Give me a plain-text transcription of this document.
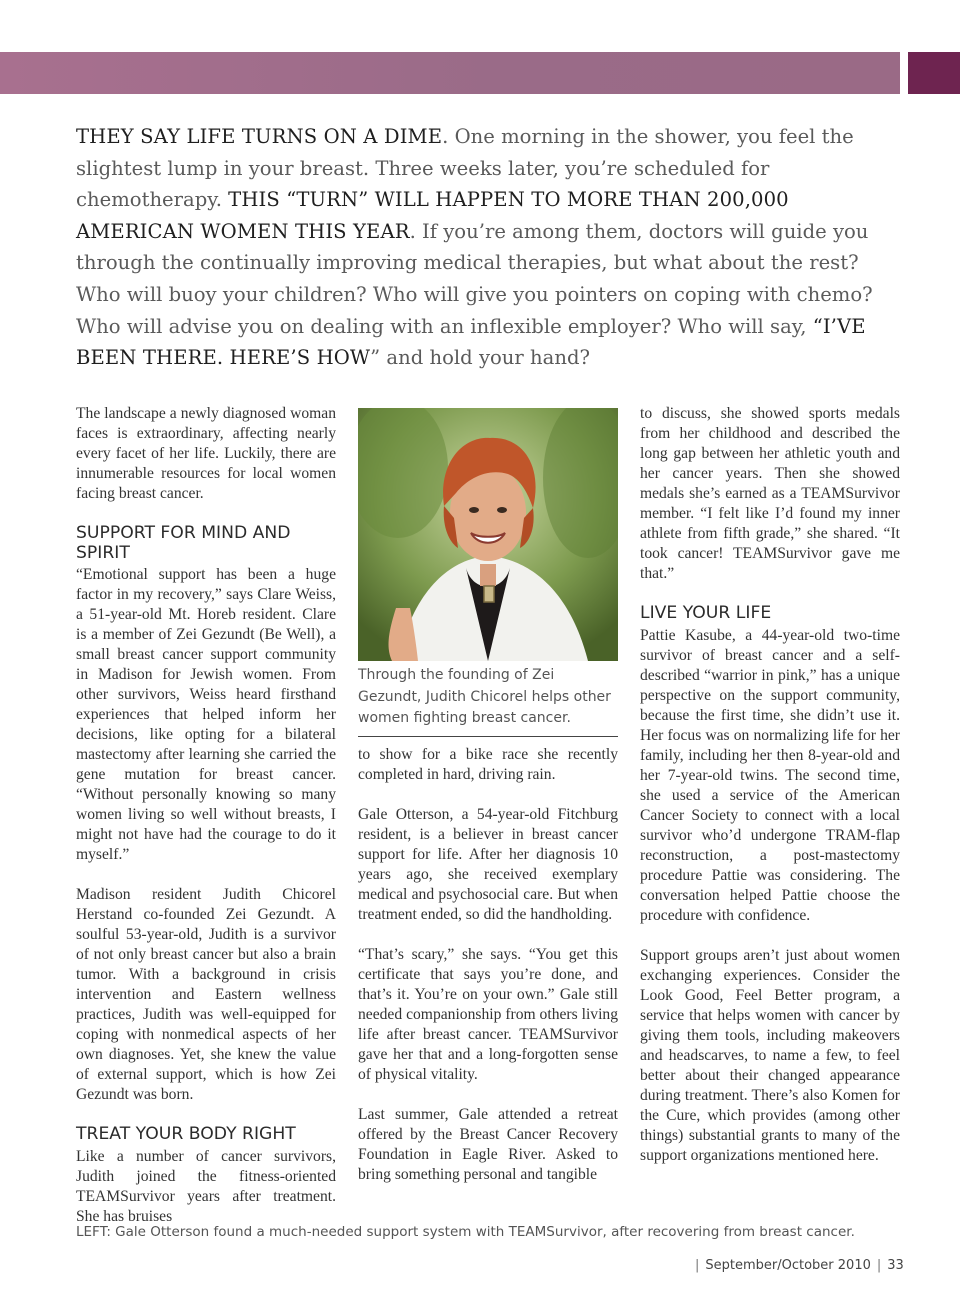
THEY SAY LIFE TURNS ON A DIME. One morning in the shower, you feel the slightest lump in your breast. Three weeks later, you’re scheduled for chemotherapy. THIS “TURN” WILL HAPPEN TO MORE THAN 200,000 AMERICAN WOMEN THIS YEAR. If you’re among them, doctors will guide you through the continually improving medical therapies, but what about the rest? Who will buoy your children? Who will give you pointers on coping with chemo? Who will advise you on dealing with an inflexible employer? Who will say, “I’VE BEEN THERE. HERE’S HOW” and hold your hand?

The landscape a newly diagnosed woman faces is extraordinary, affecting nearly every facet of her life. Luckily, there are innumerable resources for local women facing breast cancer.

SUPPORT FOR MIND AND SPIRIT

“Emotional support has been a huge factor in my recovery,” says Clare Weiss, a 51-year-old Mt. Horeb resident. Clare is a member of Zei Gezundt (Be Well), a small breast cancer support community in Madison for Jewish women. From other survivors, Weiss heard firsthand experiences that helped inform her decisions, like opting for a bilateral mastectomy after learning she carried the gene mutation for breast cancer. “Without personally knowing so many women living so well without breasts, I might not have had the courage to do it myself.”

Madison resident Judith Chicorel Herstand co-founded Zei Gezundt. A soulful 53-year-old, Judith is a survivor of not only breast cancer but also a brain tumor. With a background in crisis intervention and Eastern wellness practices, Judith was well-equipped for coping with nonmedical aspects of her own diagnoses. Yet, she knew the value of external support, which is how Zei Gezundt was born.

TREAT YOUR BODY RIGHT

Like a number of cancer survivors, Judith joined the fitness-oriented TEAMSurvivor years after treatment. She has bruises

Through the founding of Zei Gezundt, Judith Chicorel helps other women fighting breast cancer.

to show for a bike race she recently completed in hard, driving rain.

Gale Otterson, a 54-year-old Fitchburg resident, is a believer in breast cancer support for life. After her diagnosis 10 years ago, she received exemplary medical and psychosocial care. But when treatment ended, so did the handholding.

“That’s scary,” she says. “You get this certificate that says you’re done, and that’s it. You’re on your own.” Gale still needed companionship from others living life after breast cancer. TEAMSurvivor gave her that and a long-forgotten sense of physical vitality.

Last summer, Gale attended a retreat offered by the Breast Cancer Recovery Foundation in Eagle River. Asked to bring something personal and tangible

to discuss, she showed sports medals from her childhood and described the long gap between her athletic youth and her cancer years. Then she showed medals she’s earned as a TEAMSurvivor member. “I felt like I’d found my inner athlete from fifth grade,” she shared. “It took cancer! TEAMSurvivor gave me that.”

LIVE YOUR LIFE

Pattie Kasube, a 44-year-old two-time survivor of breast cancer and a self-described “warrior in pink,” has a unique perspective on the support community, because the first time, she didn’t use it. Her focus was on normalizing life for her family, including her then 8-year-old and her 7-year-old twins. The second time, she used a service of the American Cancer Society to connect with a local survivor who’d undergone TRAM-flap reconstruction, a post-mastectomy procedure Pattie was considering. The conversation helped Pattie choose the procedure with confidence.

Support groups aren’t just about women exchanging experiences. Consider the Look Good, Feel Better program, a service that helps women with cancer by giving them tools, including makeovers and headscarves, to name a few, to feel better about their changed appearance during treatment. There’s also Komen for the Cure, which provides (among other things) substantial grants to many of the support organizations mentioned here.

LEFT: Gale Otterson found a much-needed support system with TEAMSurvivor, after recovering from breast cancer.

| September/October 2010 | 33
